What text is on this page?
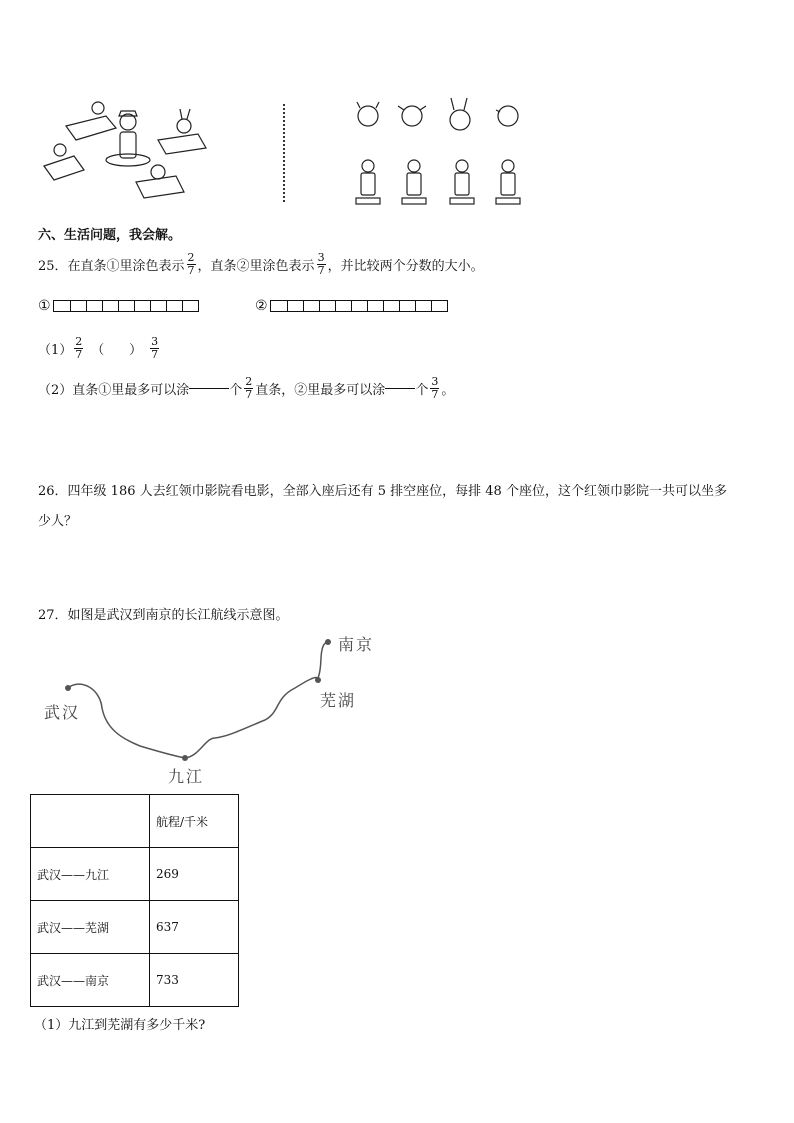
六、生活问题，我会解。
25．在直条①里涂色表示 $\frac{2}{7}$ ，直条②里涂色表示 $\frac{3}{7}$ ，并比较两个分数的大小。
①	②
$(1) \frac{2}{7}$ （      ） $\frac{3}{7}$
（2）直条①里最多可以涂	个 $\frac{2}{7}$ 直条，②里最多可以涂 个 $\frac{3}{7}$ 。
26．四年级 186 人去红领巾影院看电影，全部入座后还有 5 排空座位，每排 48 个座位，这个红领巾影院一共可以坐多
少人？
27．如图是武汉到南京的长江航线示意图。
武汉
九江
芜湖
南京
	航程/千米
武汉——九江	269
武汉——芜湖	637
武汉——南京	733
（1）九江到芜湖有多少千米?
